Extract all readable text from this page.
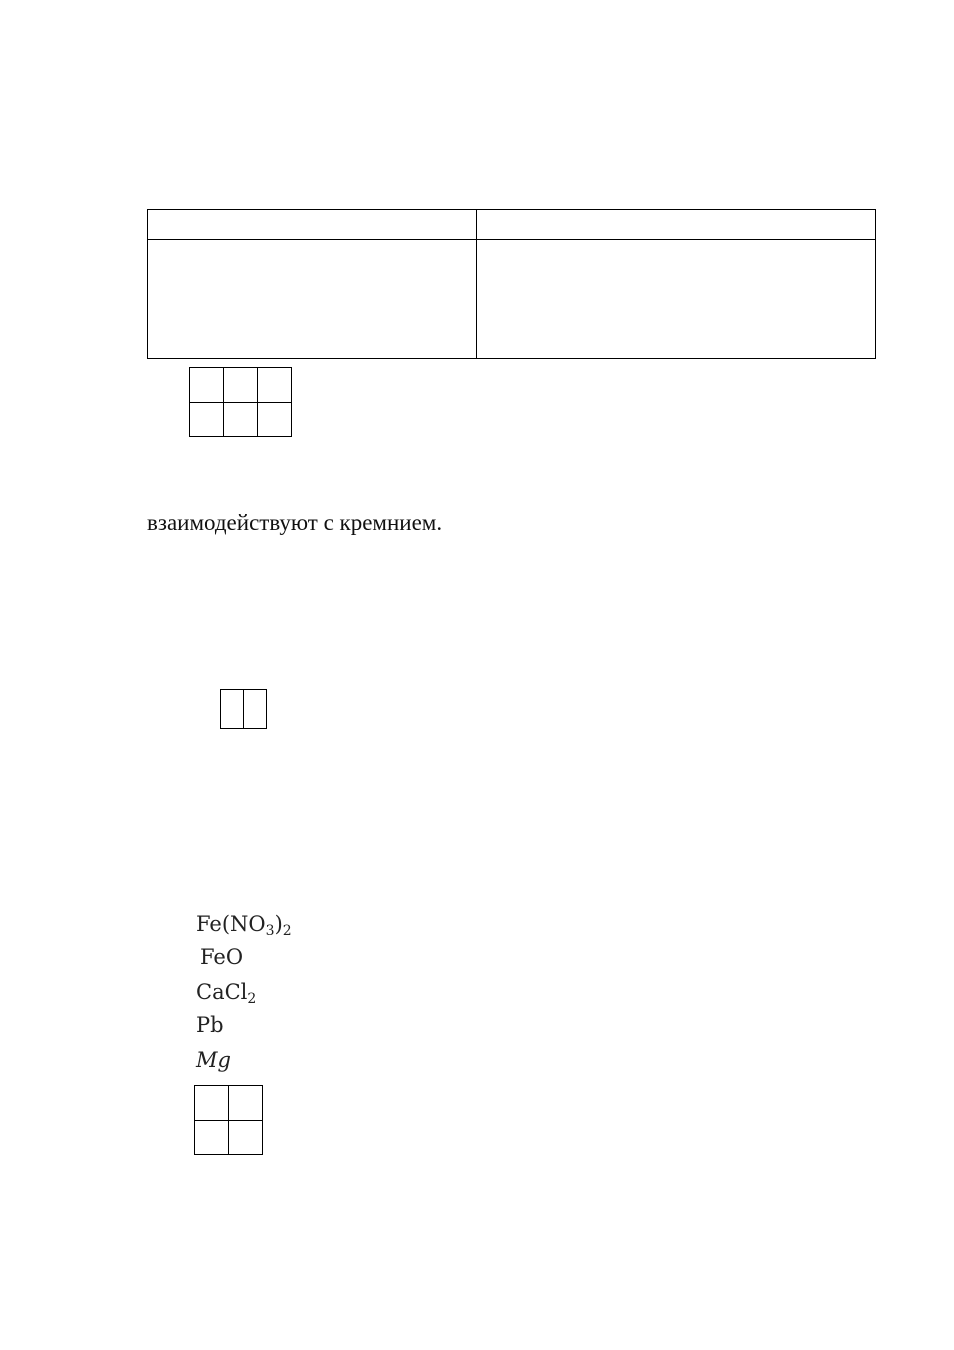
взаимодействуют с кремнием.
$Fe(NO_3)_2$
FeO
CaCl$_2$
Pb
Mg
